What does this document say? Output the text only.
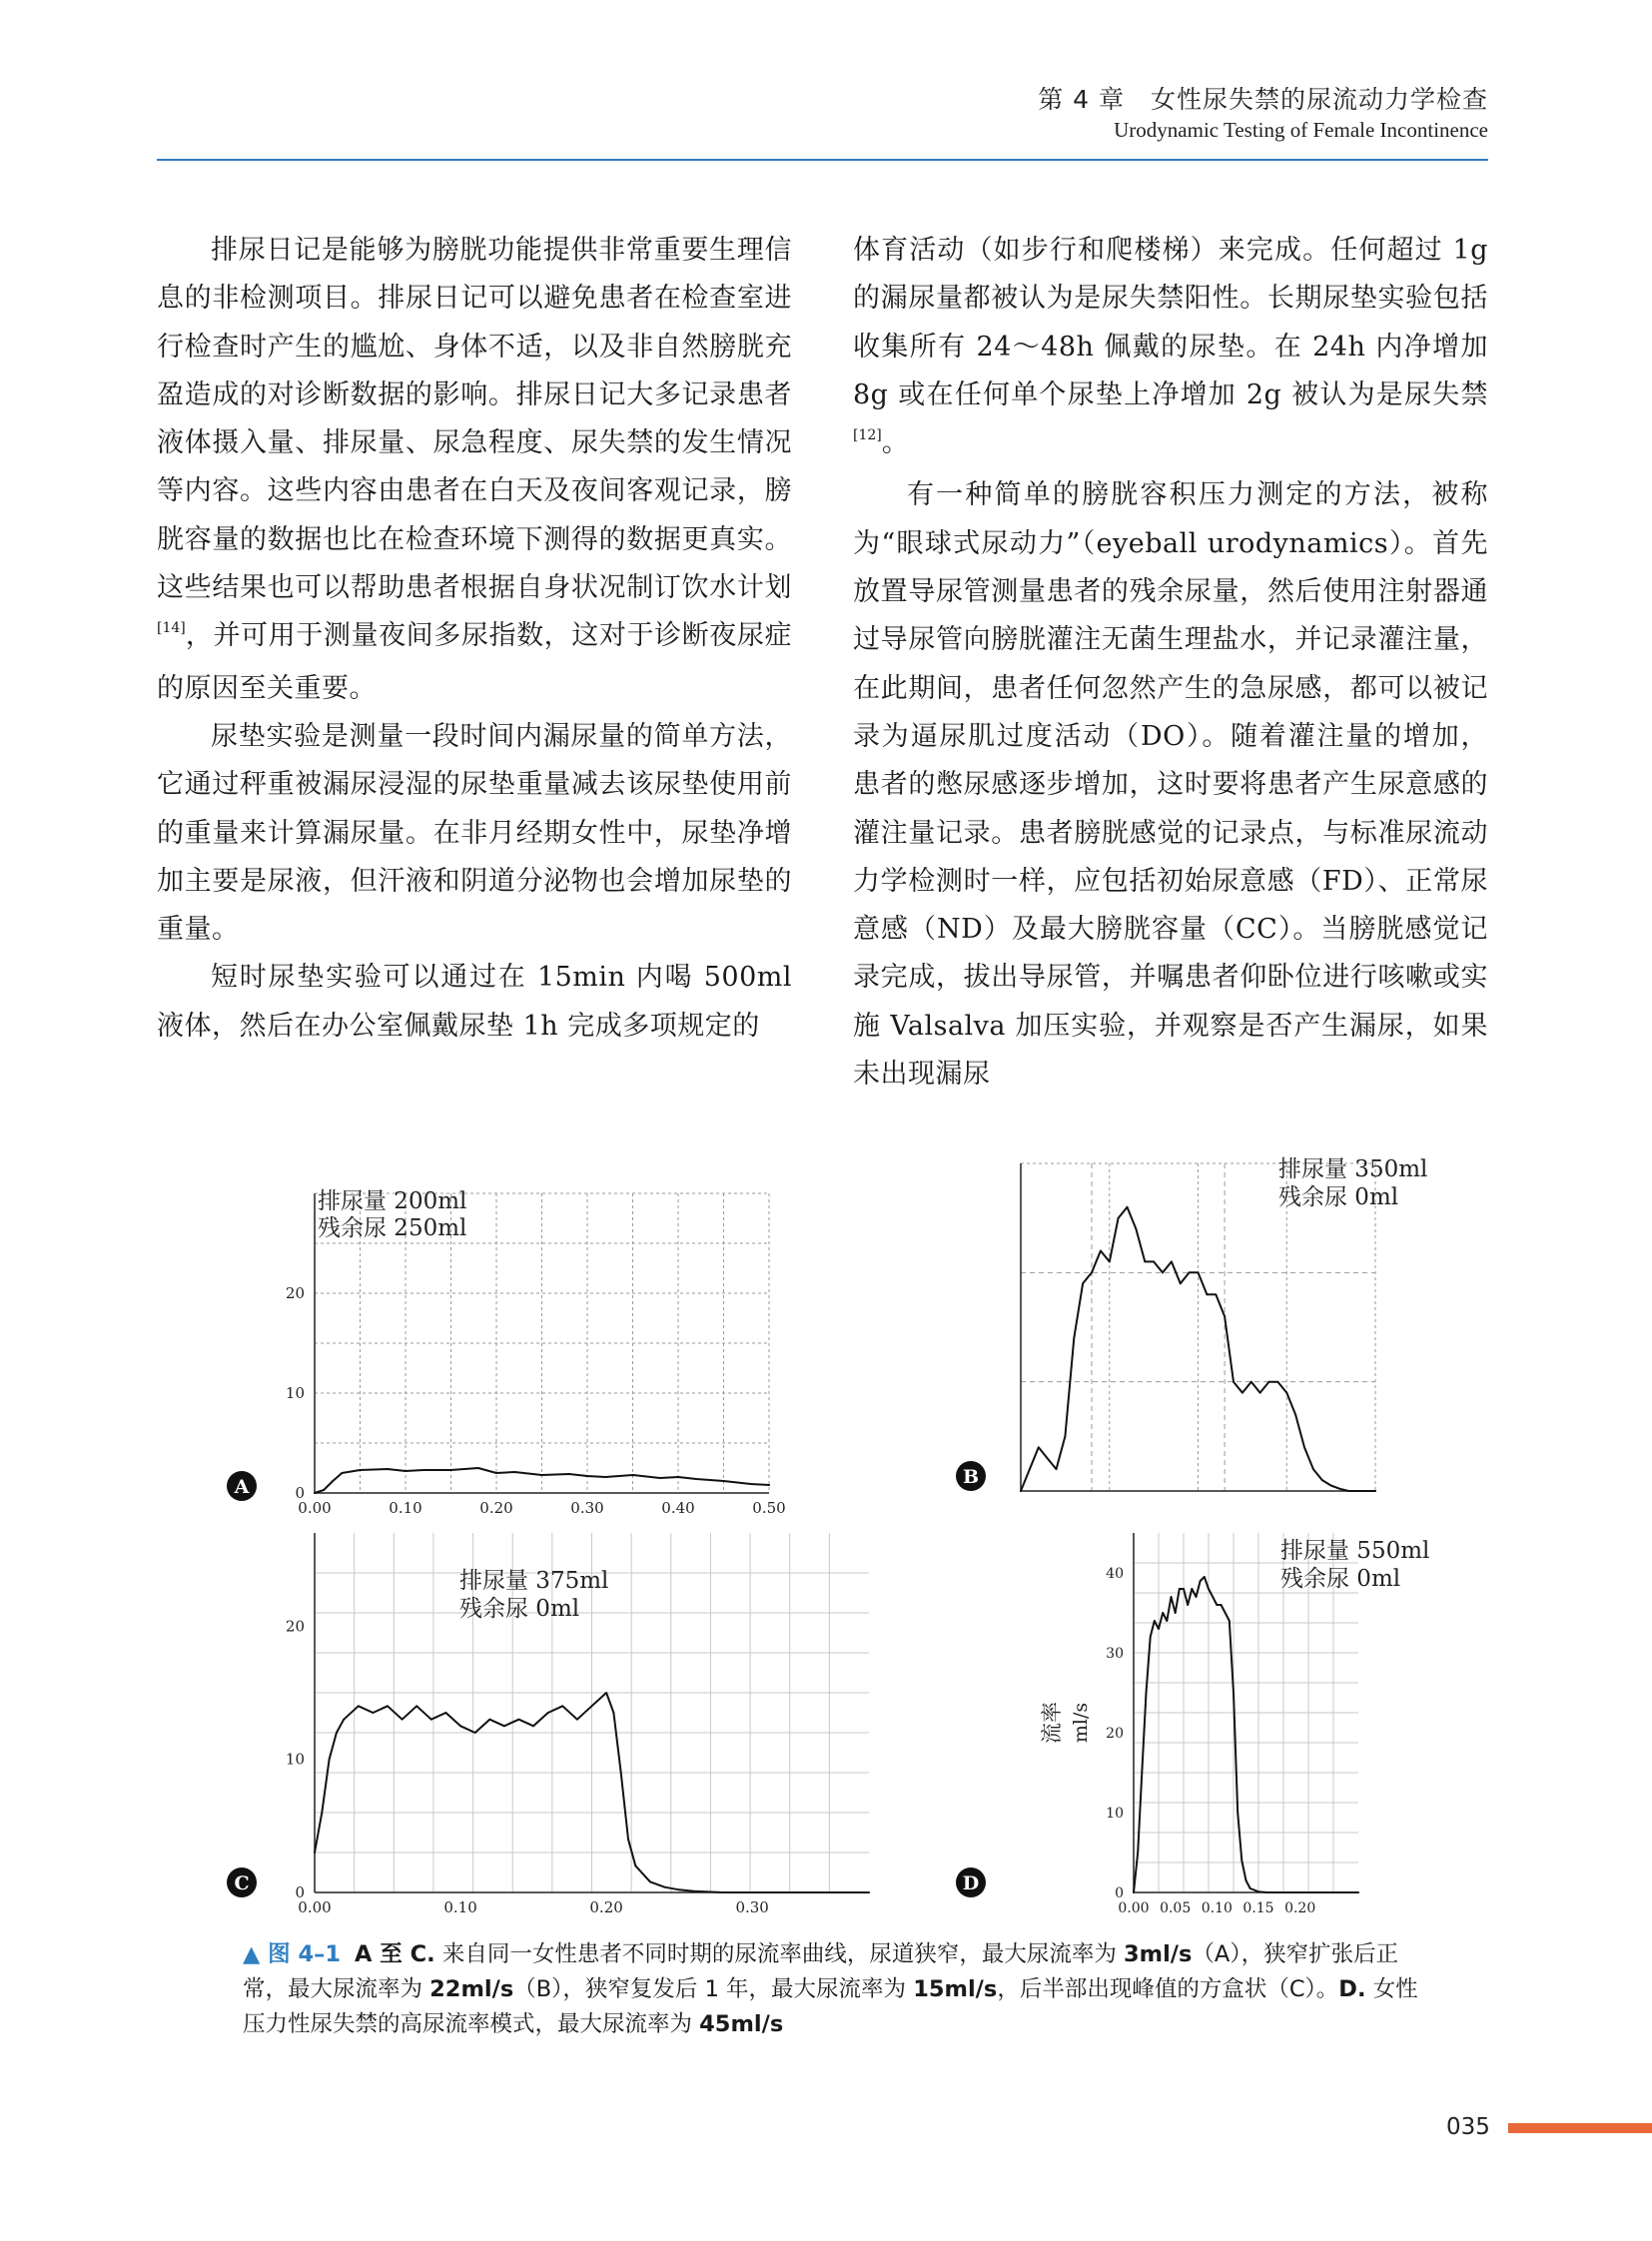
第 4 章　女性尿失禁的尿流动力学检查
Urodynamic Testing of Female Incontinence

排尿日记是能够为膀胱功能提供非常重要生理信息的非检测项目。排尿日记可以避免患者在检查室进行检查时产生的尴尬、身体不适，以及非自然膀胱充盈造成的对诊断数据的影响。排尿日记大多记录患者液体摄入量、排尿量、尿急程度、尿失禁的发生情况等内容。这些内容由患者在白天及夜间客观记录，膀胱容量的数据也比在检查环境下测得的数据更真实。这些结果也可以帮助患者根据自身状况制订饮水计划[14]，并可用于测量夜间多尿指数，这对于诊断夜尿症的原因至关重要。

尿垫实验是测量一段时间内漏尿量的简单方法，它通过秤重被漏尿浸湿的尿垫重量减去该尿垫使用前的重量来计算漏尿量。在非月经期女性中，尿垫净增加主要是尿液，但汗液和阴道分泌物也会增加尿垫的重量。

短时尿垫实验可以通过在 15min 内喝 500ml 液体，然后在办公室佩戴尿垫 1h 完成多项规定的

体育活动（如步行和爬楼梯）来完成。任何超过 1g 的漏尿量都被认为是尿失禁阳性。长期尿垫实验包括收集所有 24～48h 佩戴的尿垫。在 24h 内净增加 8g 或在任何单个尿垫上净增加 2g 被认为是尿失禁[12]。

有一种简单的膀胱容积压力测定的方法，被称为“眼球式尿动力”（eyeball urodynamics）。首先放置导尿管测量患者的残余尿量，然后使用注射器通过导尿管向膀胱灌注无菌生理盐水，并记录灌注量，在此期间，患者任何忽然产生的急尿感，都可以被记录为逼尿肌过度活动（DO）。随着灌注量的增加，患者的憋尿感逐步增加，这时要将患者产生尿意感的灌注量记录。患者膀胱感觉的记录点，与标准尿流动力学检测时一样，应包括初始尿意感（FD）、正常尿意感（ND）及最大膀胱容量（CC）。当膀胱感觉记录完成，拔出导尿管，并嘱患者仰卧位进行咳嗽或实施 Valsalva 加压实验，并观察是否产生漏尿，如果未出现漏尿

0.00	0.10	0.20	0.30	0.40	0.50
0
10
20
排尿量 200ml
残余尿 250ml
A
排尿量 350ml
残余尿 0ml
B
0.00	0.10	0.20	0.30
0
10
20
排尿量 375ml
残余尿 0ml
C
0.00 0.05 0.10 0.15 0.20
0
10
20
30
40
排尿量 550ml
残余尿 0ml
流率 ml/s
D
▲ 图 4–1 A 至 C. 来自同一女性患者不同时期的尿流率曲线，尿道狭窄，最大尿流率为 3ml/s（A），狭窄扩张后正常，最大尿流率为 22ml/s（B），狭窄复发后 1 年，最大尿流率为 15ml/s，后半部出现峰值的方盒状（C）。D. 女性压力性尿失禁的高尿流率模式，最大尿流率为 45ml/s
035
